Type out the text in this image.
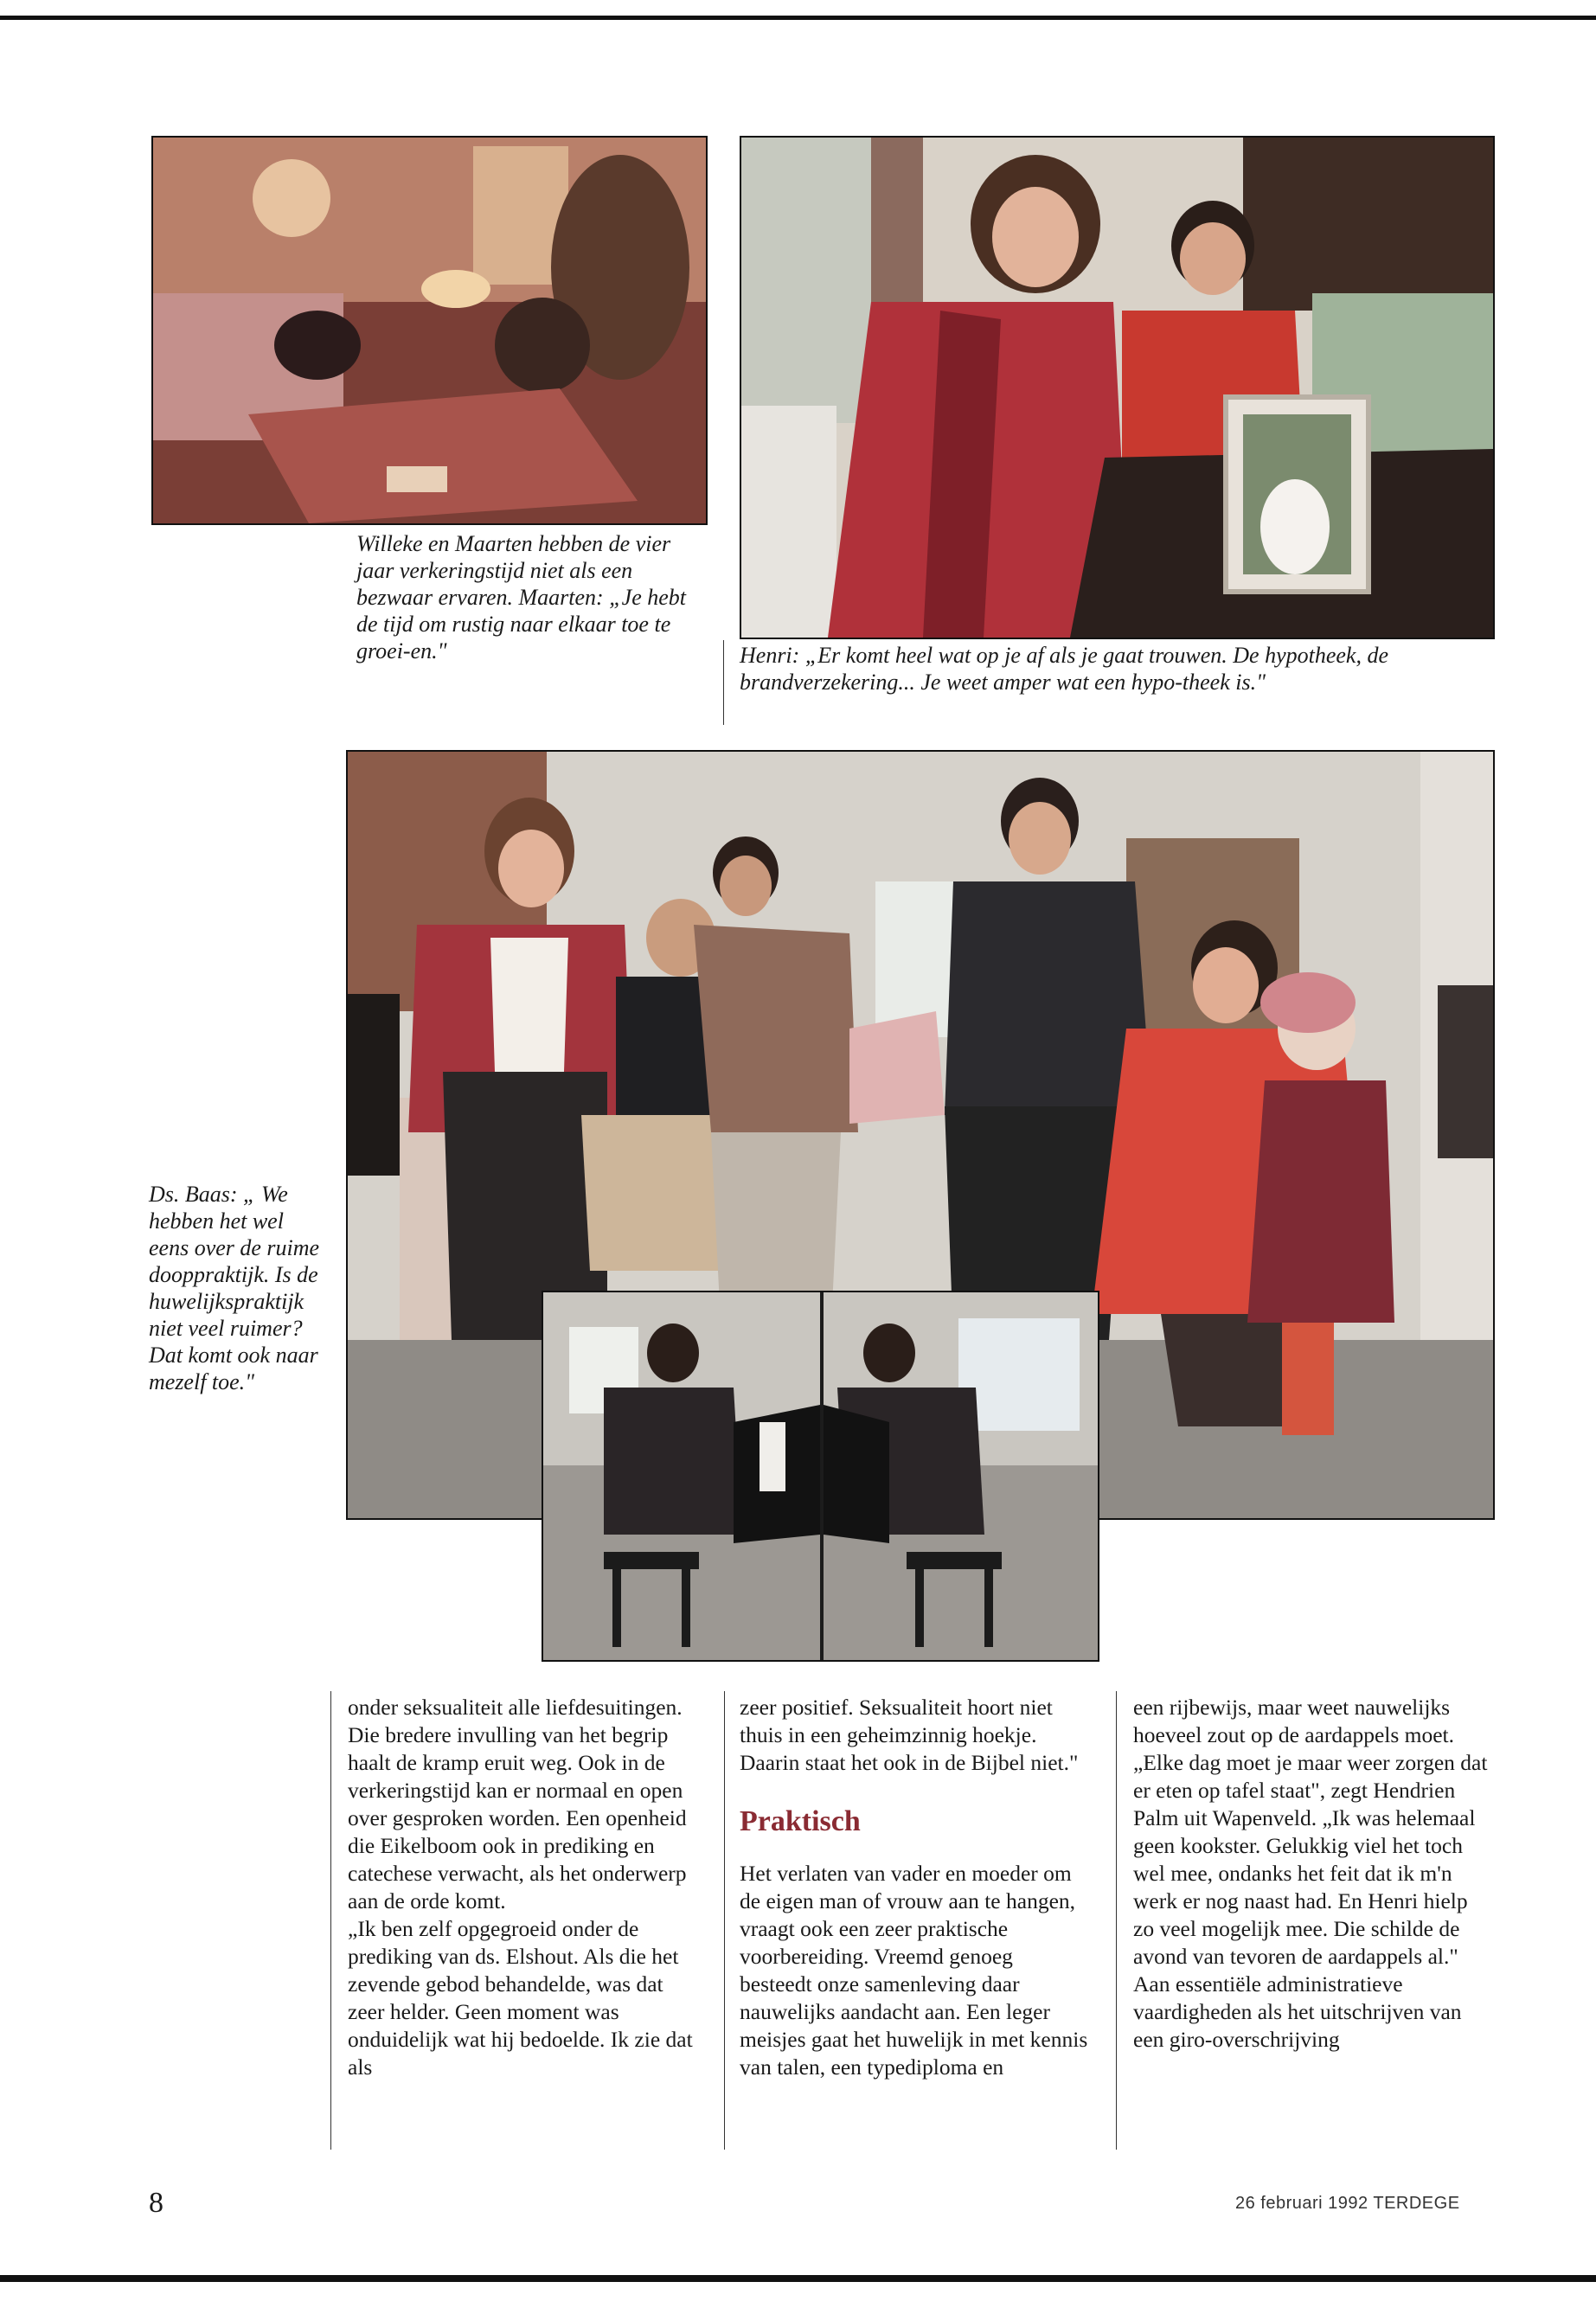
Willeke en Maarten hebben de vier jaar verkeringstijd niet als een bezwaar ervaren. Maarten: „Je hebt de tijd om rustig naar elkaar toe te groei-en."	Henri: „Er komt heel wat op je af als je gaat trouwen. De hypotheek, de brandverzekering... Je weet amper wat een hypo-theek is."

Ds. Baas: „ We hebben het wel eens over de ruime dooppraktijk. Is de huwelijkspraktijk niet veel ruimer? Dat komt ook naar mezelf toe."

onder seksualiteit alle liefdesuitingen. Die bredere invulling van het begrip haalt de kramp eruit weg. Ook in de verkeringstijd kan er normaal en open over gesproken worden. Een openheid die Eikelboom ook in prediking en catechese verwacht, als het onderwerp aan de orde komt.

„Ik ben zelf opgegroeid onder de prediking van ds. Elshout. Als die het zevende gebod behandelde, was dat zeer helder. Geen moment was onduidelijk wat hij bedoelde. Ik zie dat als

zeer positief. Seksualiteit hoort niet thuis in een geheimzinnig hoekje. Daarin staat het ook in de Bijbel niet."

Praktisch

Het verlaten van vader en moeder om de eigen man of vrouw aan te hangen, vraagt ook een zeer praktische voorbereiding. Vreemd genoeg besteedt onze samenleving daar nauwelijks aandacht aan. Een leger meisjes gaat het huwelijk in met kennis van talen, een typediploma en

een rijbewijs, maar weet nauwelijks hoeveel zout op de aardappels moet. „Elke dag moet je maar weer zorgen dat er eten op tafel staat", zegt Hendrien Palm uit Wapenveld. „Ik was helemaal geen kookster. Gelukkig viel het toch wel mee, ondanks het feit dat ik m'n werk er nog naast had. En Henri hielp zo veel mogelijk mee. Die schilde de avond van tevoren de aardappels al."

Aan essentiële administratieve vaardigheden als het uitschrijven van een giro-overschrijving

8	26 februari 1992 TERDEGE
